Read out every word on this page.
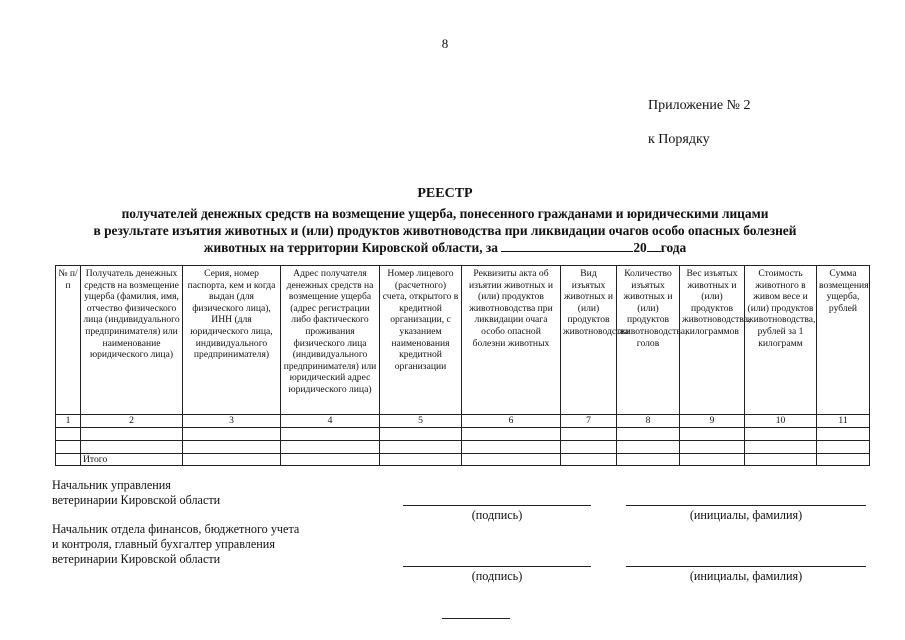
8
Приложение № 2
к Порядку
РЕЕСТР
получателей денежных средств на возмещение ущерба, понесенного гражданами и юридическими лицами
в результате изъятия животных и (или) продуктов животноводства при ликвидации очагов особо опасных болезней
животных на территории Кировской области, за	20 года
№ п/п	Получатель денежных средств на возмещение ущерба (фамилия, имя, отчество физического лица (индивидуального предпринимателя) или наименование юридического лица)	Серия, номер паспорта, кем и когда выдан (для физического лица), ИНН (для юридического лица, индивидуального предпринимателя)	Адрес получателя денежных средств на возмещение ущерба (адрес регистрации либо фактического проживания физического лица (индивидуального предпринимателя) или юридический адрес юридического лица)	Номер лицевого (расчетного) счета, открытого в кредитной организации, с указанием наименования кредитной организации	Реквизиты акта об изъятии животных и (или) продуктов животноводства при ликвидации очага особо опасной болезни животных	Вид изъятых животных и (или) продуктов животноводства	Количество изъятых животных и (или) продуктов животноводства, голов	Вес изъятых животных и (или) продуктов животноводства, килограммов	Стоимость животного в живом весе и (или) продуктов животноводства, рублей за 1 килограмм	Сумма возмещения ущерба, рублей
1	2	3	4	5	6	7	8	9	10	11

	Итого									
Начальник управления
ветеринарии Кировской области
(подпись)	(инициалы, фамилия)
Начальник отдела финансов, бюджетного учета
и контроля, главный бухгалтер управления
ветеринарии Кировской области
(подпись)	(инициалы, фамилия)
